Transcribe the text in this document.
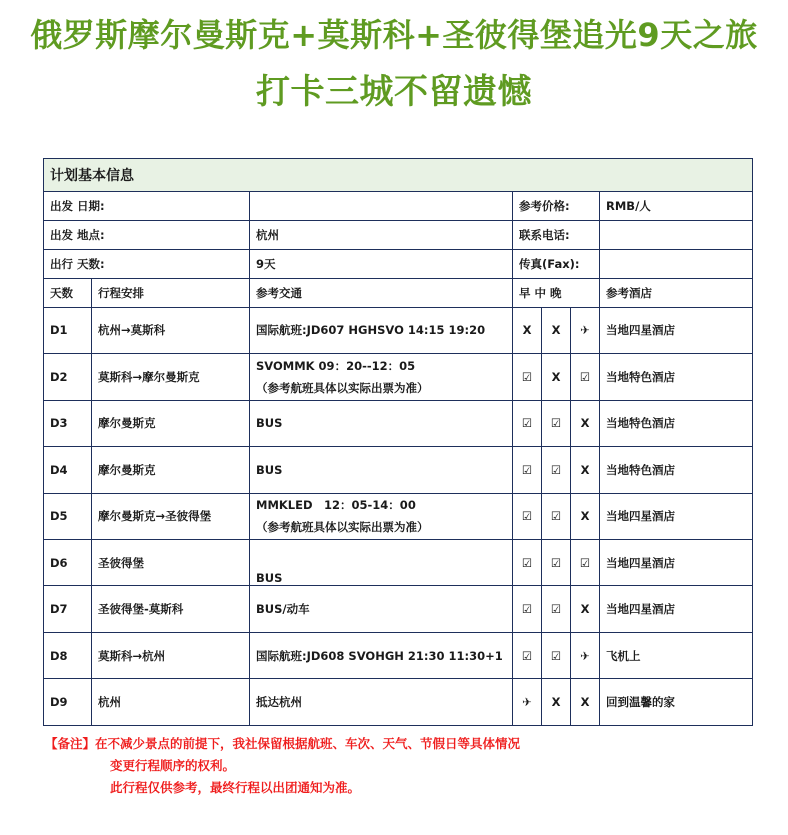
俄罗斯摩尔曼斯克+莫斯科+圣彼得堡追光9天之旅
打卡三城不留遗憾
计划基本信息						
出发 日期:			参考价格:			RMB/人
出发 地点:		杭州	联系电话:			
出行 天数:		9天	传真(Fax):			
天数	行程安排	参考交通	早 中 晚			参考酒店
D1	杭州→莫斯科	国际航班:JD607 HGHSVO 14:15 19:20	X	X	✈	当地四星酒店
D2	莫斯科→摩尔曼斯克	SVOMMK 09：20--12：05
（参考航班具体以实际出票为准）	☑	X	☑	当地特色酒店
D3	摩尔曼斯克	BUS	☑	☑	X	当地特色酒店
D4	摩尔曼斯克	BUS	☑	☑	X	当地特色酒店
D5	摩尔曼斯克→圣彼得堡	MMKLED　12：05-14：00
（参考航班具体以实际出票为准）	☑	☑	X	当地四星酒店
D6	圣彼得堡	BUS	☑	☑	☑	当地四星酒店
D7	圣彼得堡-莫斯科	BUS/动车	☑	☑	X	当地四星酒店
D8	莫斯科→杭州	国际航班:JD608 SVOHGH 21:30 11:30+1	☑	☑	✈	飞机上
D9	杭州	抵达杭州	✈	X	X	回到温馨的家
【备注】在不减少景点的前提下，我社保留根据航班、车次、天气、节假日等具体情况
变更行程顺序的权利。
此行程仅供参考，最终行程以出团通知为准。
